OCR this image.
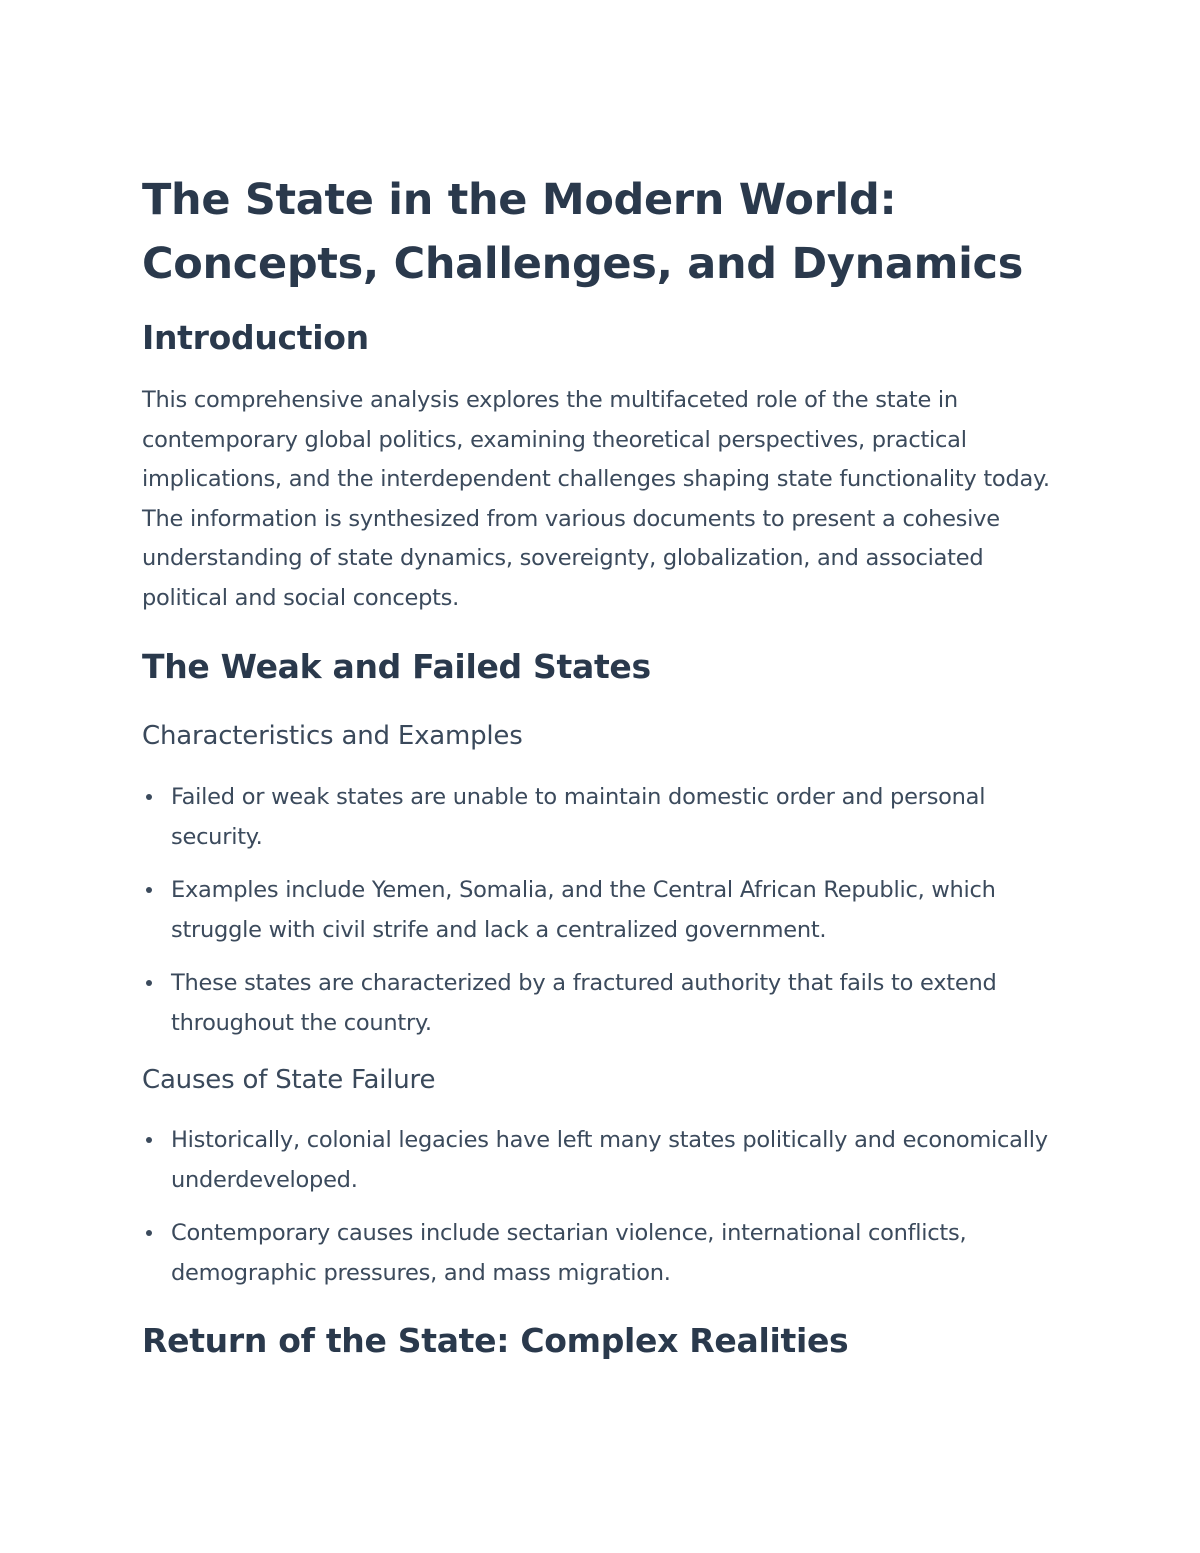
The State in the Modern World:
Concepts, Challenges, and Dynamics
Introduction

This comprehensive analysis explores the multifaceted role of the state in contemporary global politics, examining theoretical perspectives, practical implications, and the interdependent challenges shaping state functionality today. The information is synthesized from various documents to present a cohesive understanding of state dynamics, sovereignty, globalization, and associated political and social concepts.

The Weak and Failed States
Characteristics and Examples
Failed or weak states are unable to maintain domestic order and personal security.
Examples include Yemen, Somalia, and the Central African Republic, which struggle with civil strife and lack a centralized government.
These states are characterized by a fractured authority that fails to extend throughout the country.
Causes of State Failure
Historically, colonial legacies have left many states politically and economically underdeveloped.
Contemporary causes include sectarian violence, international conflicts, demographic pressures, and mass migration.
Return of the State: Complex Realities
